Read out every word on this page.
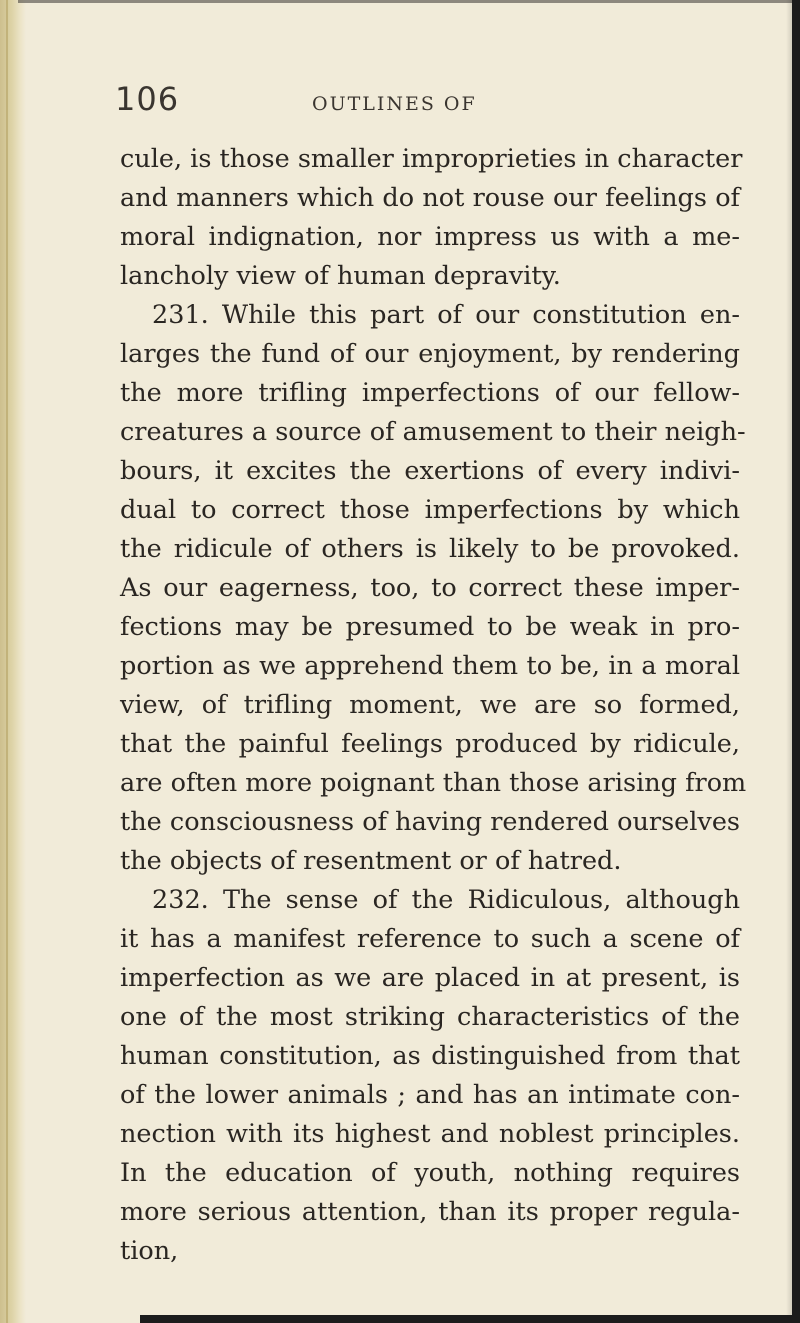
106	OUTLINES OF
cule, is those smaller improprieties in character
and manners which do not rouse our feelings of
moral indignation, nor impress us with a me-
lancholy view of human depravity.
231. While this part of our constitution en-
larges the fund of our enjoyment, by rendering
the more trifling imperfections of our fellow-
creatures a source of amusement to their neigh-
bours, it excites the exertions of every indivi-
dual to correct those imperfections by which
the ridicule of others is likely to be provoked.
As our eagerness, too, to correct these imper-
fections may be presumed to be weak in pro-
portion as we apprehend them to be, in a moral
view, of trifling moment, we are so formed,
that the painful feelings produced by ridicule,
are often more poignant than those arising from
the consciousness of having rendered ourselves
the objects of resentment or of hatred.
232. The sense of the Ridiculous, although
it has a manifest reference to such a scene of
imperfection as we are placed in at present, is
one of the most striking characteristics of the
human constitution, as distinguished from that
of the lower animals ; and has an intimate con-
nection with its highest and noblest principles.
In the education of youth, nothing requires
more serious attention, than its proper regula-
tion,
